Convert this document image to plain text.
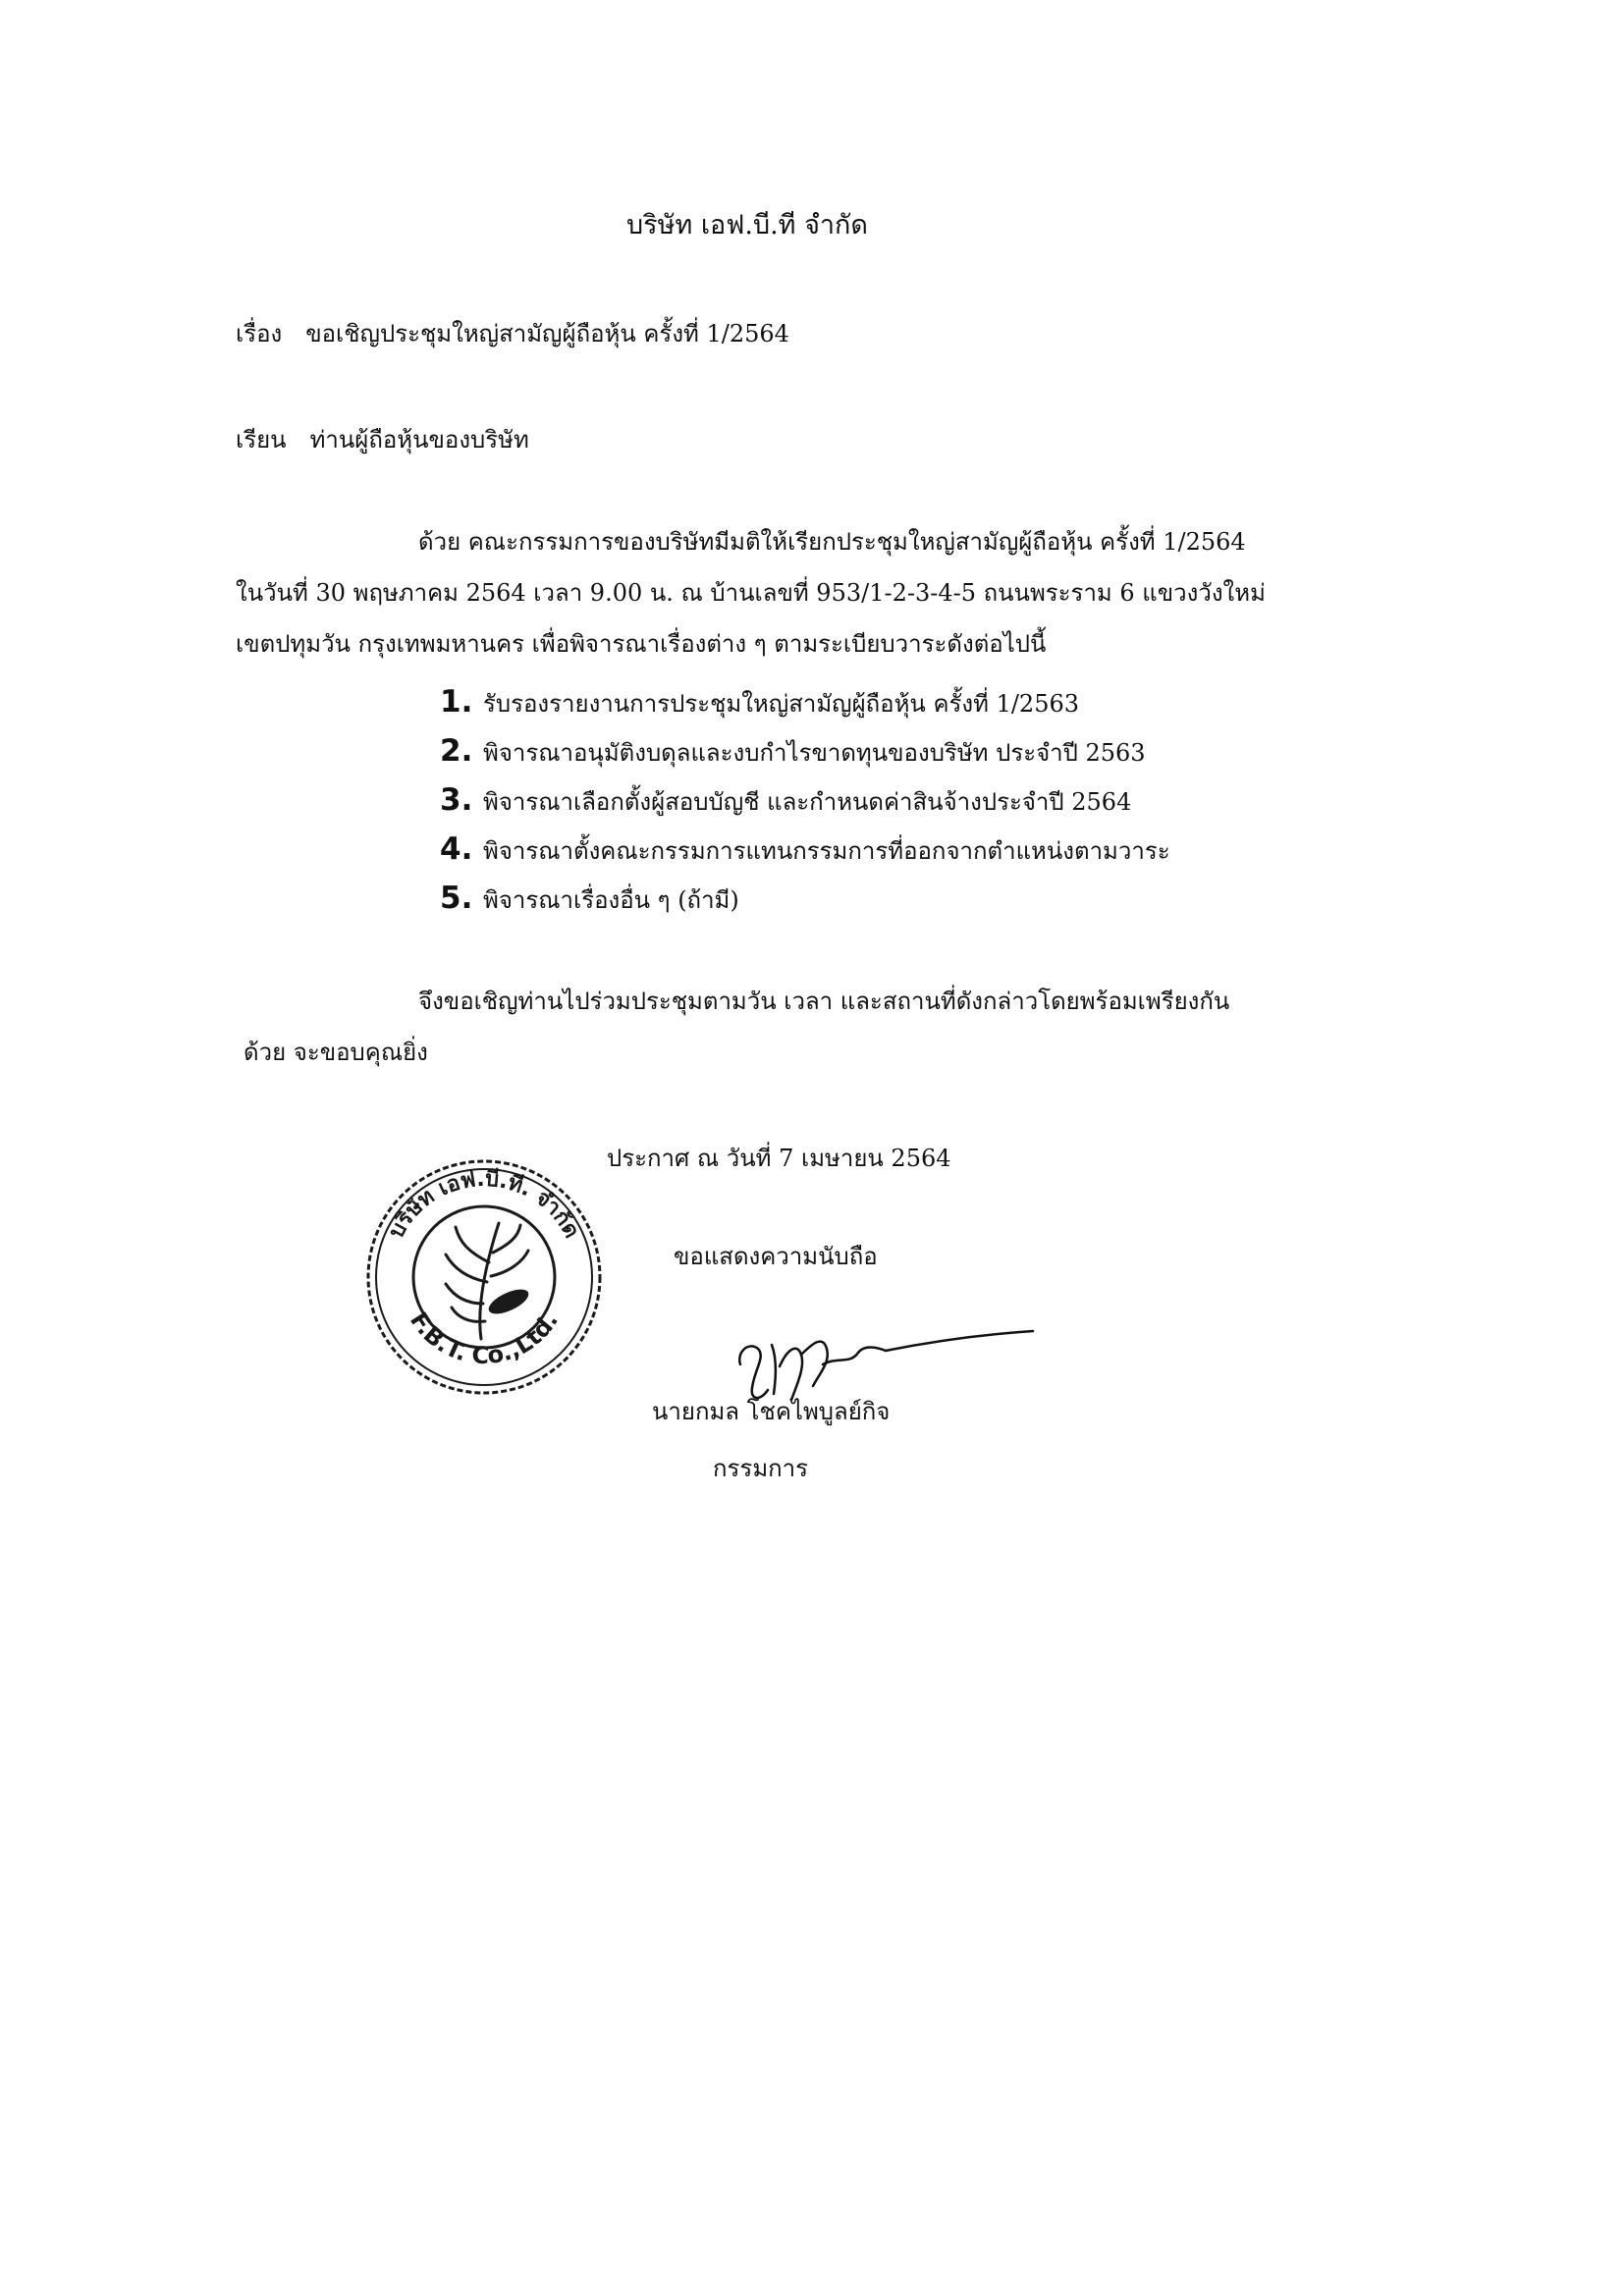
บริษัท เอฟ.บี.ที จำกัด
เรื่อง ขอเชิญประชุมใหญ่สามัญผู้ถือหุ้น ครั้งที่ 1/2564
เรียน ท่านผู้ถือหุ้นของบริษัท
ด้วย คณะกรรมการของบริษัทมีมติให้เรียกประชุมใหญ่สามัญผู้ถือหุ้น ครั้งที่ 1/2564
ในวันที่ 30 พฤษภาคม 2564 เวลา 9.00 น. ณ บ้านเลขที่ 953/1-2-3-4-5 ถนนพระราม 6 แขวงวังใหม่
เขตปทุมวัน กรุงเทพมหานคร เพื่อพิจารณาเรื่องต่าง ๆ ตามระเบียบวาระดังต่อไปนี้
1. รับรองรายงานการประชุมใหญ่สามัญผู้ถือหุ้น ครั้งที่ 1/2563
2. พิจารณาอนุมัติงบดุลและงบกำไรขาดทุนของบริษัท ประจำปี 2563
3. พิจารณาเลือกตั้งผู้สอบบัญชี และกำหนดค่าสินจ้างประจำปี 2564
4. พิจารณาตั้งคณะกรรมการแทนกรรมการที่ออกจากตำแหน่งตามวาระ
5. พิจารณาเรื่องอื่น ๆ (ถ้ามี)
จึงขอเชิญท่านไปร่วมประชุมตามวัน เวลา และสถานที่ดังกล่าวโดยพร้อมเพรียงกัน
ด้วย จะขอบคุณยิ่ง
ประกาศ ณ วันที่ 7 เมษายน 2564
บริษัท เอฟ.บี.ที. จำกัด
F.B.T. Co.,Ltd.
ขอแสดงความนับถือ
นายกมล โชคไพบูลย์กิจ
กรรมการ
